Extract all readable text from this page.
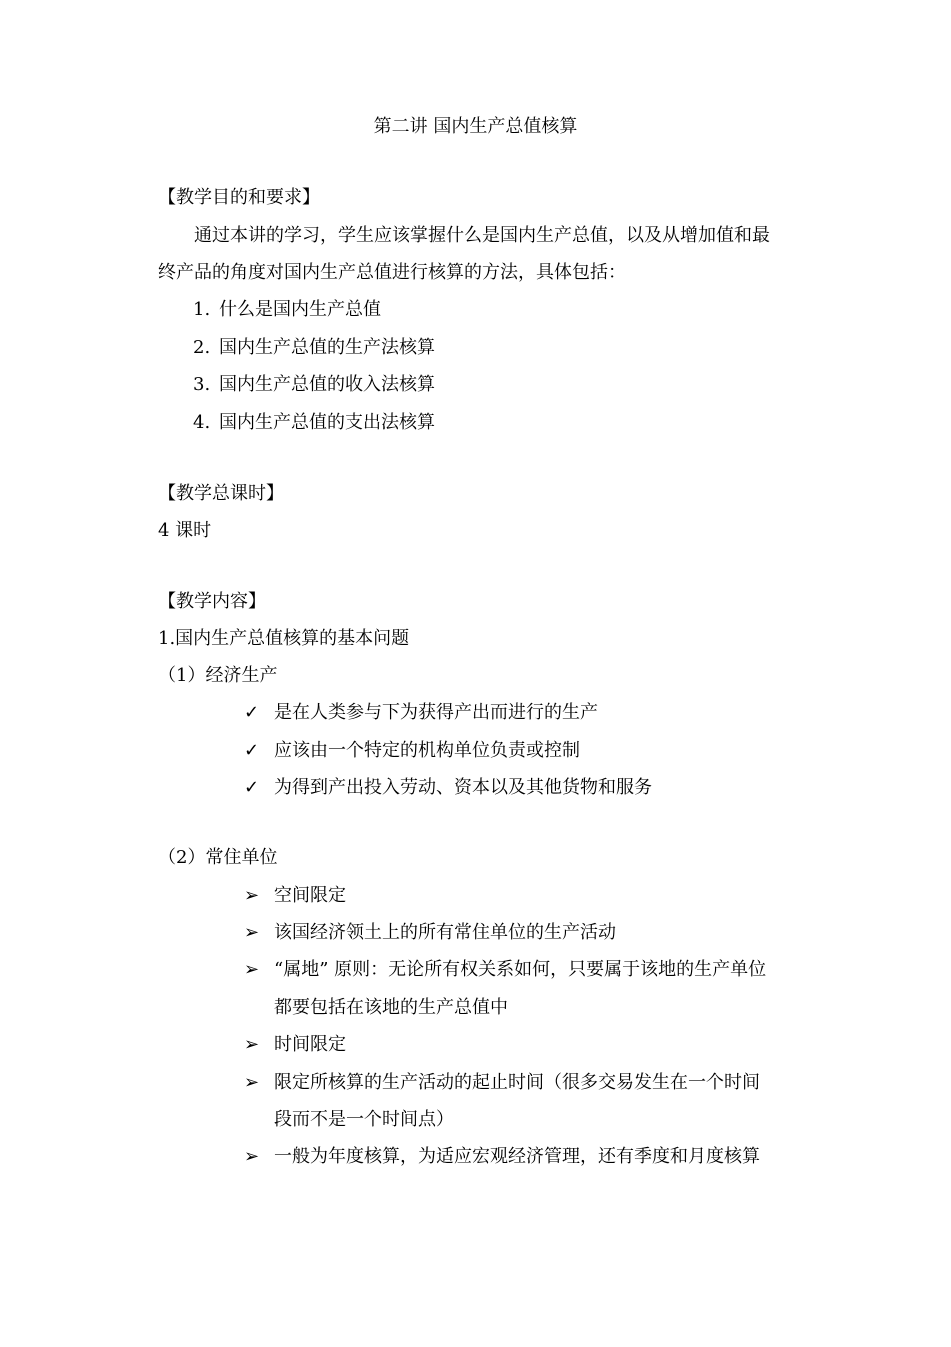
第二讲 国内生产总值核算
【教学目的和要求】
通过本讲的学习，学生应该掌握什么是国内生产总值，以及从增加值和最
终产品的角度对国内生产总值进行核算的方法，具体包括：
1. 什么是国内生产总值
2. 国内生产总值的生产法核算
3. 国内生产总值的收入法核算
4. 国内生产总值的支出法核算
【教学总课时】
4 课时
【教学内容】
1.国内生产总值核算的基本问题
（1）经济生产
✓ 是在人类参与下为获得产出而进行的生产
✓ 应该由一个特定的机构单位负责或控制
✓ 为得到产出投入劳动、资本以及其他货物和服务
（2）常住单位
➢ 空间限定
➢ 该国经济领土上的所有常住单位的生产活动
➢ “属地” 原则：无论所有权关系如何，只要属于该地的生产单位
都要包括在该地的生产总值中
➢ 时间限定
➢ 限定所核算的生产活动的起止时间（很多交易发生在一个时间
段而不是一个时间点）
➢ 一般为年度核算，为适应宏观经济管理，还有季度和月度核算
